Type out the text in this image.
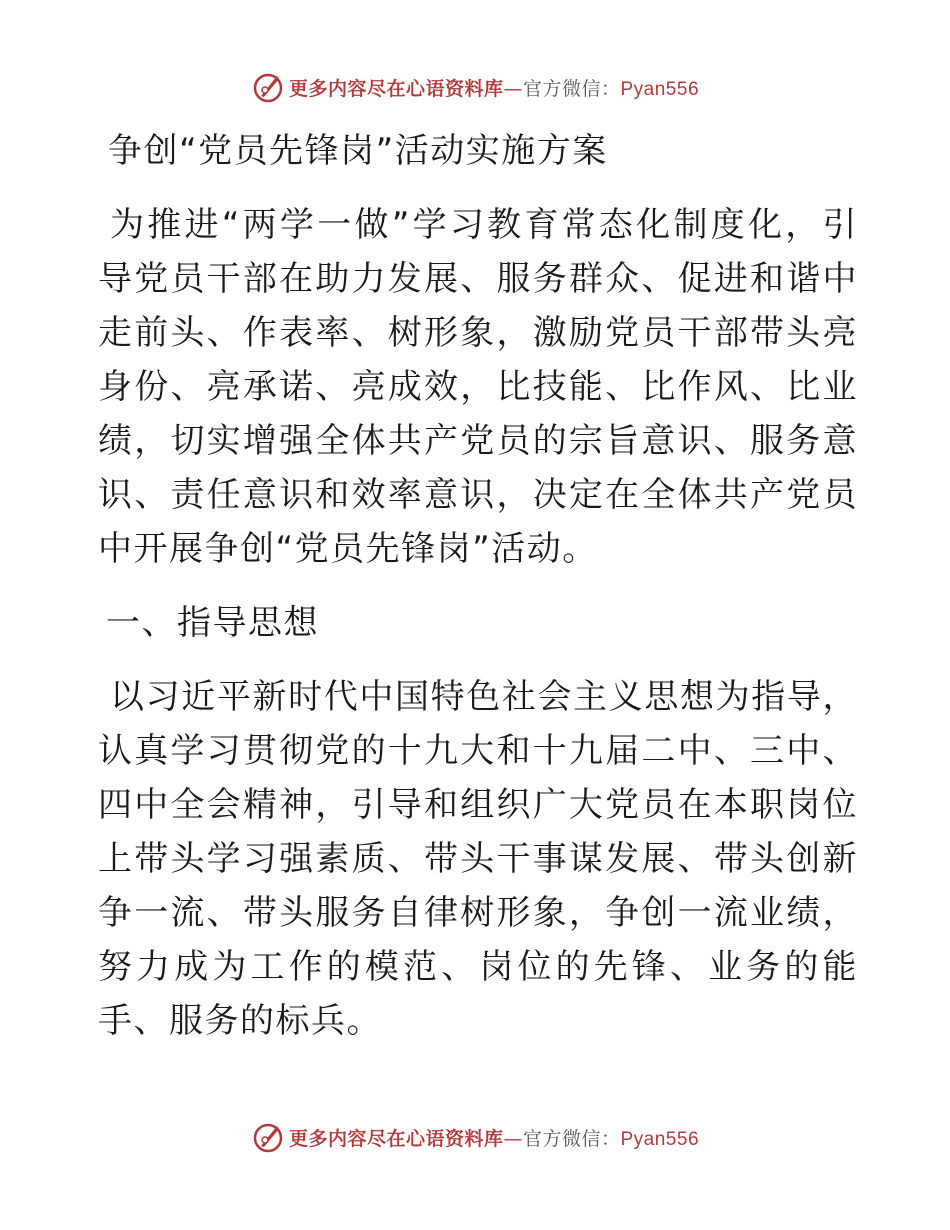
更多内容尽在心语资料库—官方微信：Pyan556

争创“党员先锋岗”活动实施方案

为推进“两学一做”学习教育常态化制度化，引导党员干部在助力发展、服务群众、促进和谐中走前头、作表率、树形象，激励党员干部带头亮身份、亮承诺、亮成效，比技能、比作风、比业绩，切实增强全体共产党员的宗旨意识、服务意识、责任意识和效率意识，决定在全体共产党员中开展争创“党员先锋岗”活动。

一、指导思想

以习近平新时代中国特色社会主义思想为指导，认真学习贯彻党的十九大和十九届二中、三中、四中全会精神，引导和组织广大党员在本职岗位上带头学习强素质、带头干事谋发展、带头创新争一流、带头服务自律树形象，争创一流业绩，努力成为工作的模范、岗位的先锋、业务的能手、服务的标兵。

更多内容尽在心语资料库—官方微信：Pyan556
